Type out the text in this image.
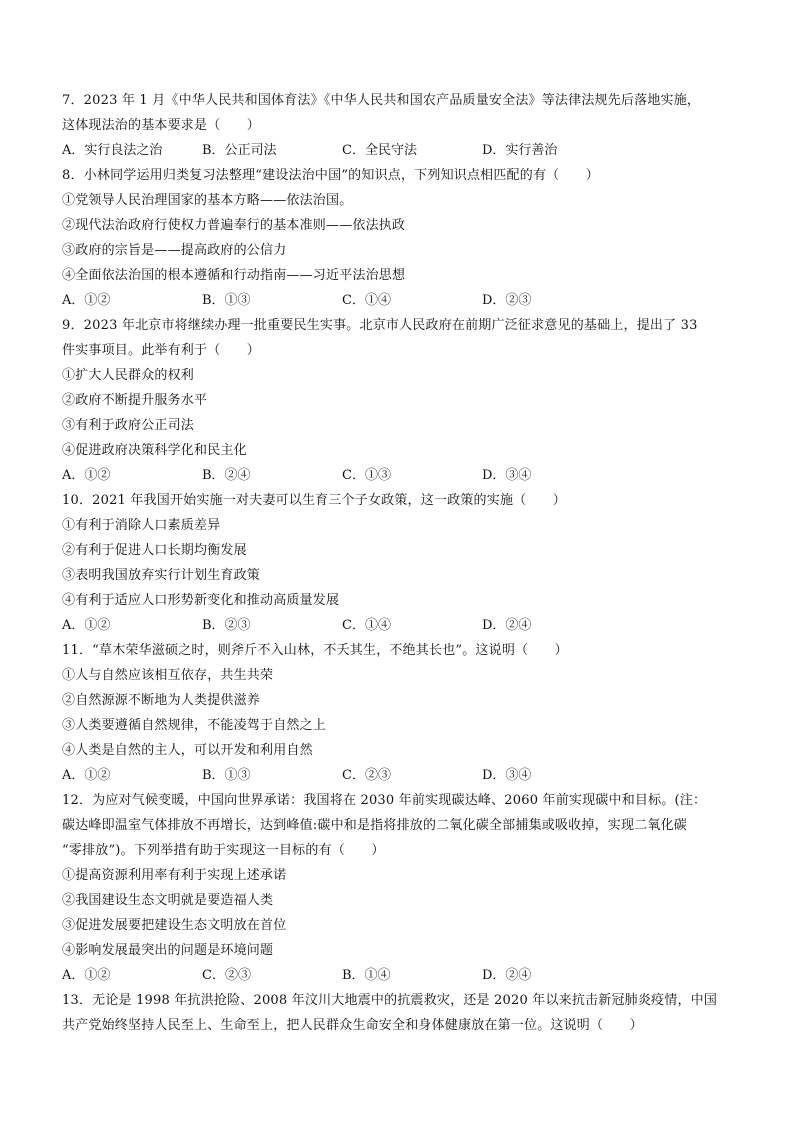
7．2023 年 1 月《中华人民共和国体育法》《中华人民共和国农产品质量安全法》等法律法规先后落地实施，
这体现法治的基本要求是（　　）
A．实行良法之治	B．公正司法	C．全民守法	D．实行善治
8．小林同学运用归类复习法整理“建设法治中国”的知识点，下列知识点相匹配的有（　　）
①党领导人民治理国家的基本方略——依法治国。
②现代法治政府行使权力普遍奉行的基本准则——依法执政
③政府的宗旨是——提高政府的公信力
④全面依法治国的根本遵循和行动指南——习近平法治思想
A．①②	B．①③	C．①④	D．②③
9．2023 年北京市将继续办理一批重要民生实事。北京市人民政府在前期广泛征求意见的基础上，提出了 33
件实事项目。此举有利于（　　）
①扩大人民群众的权利
②政府不断提升服务水平
③有利于政府公正司法
④促进政府决策科学化和民主化
A．①②	B．②④	C．①③	D．③④
10．2021 年我国开始实施一对夫妻可以生育三个子女政策，这一政策的实施（　　）
①有利于消除人口素质差异
②有利于促进人口长期均衡发展
③表明我国放弃实行计划生育政策
④有利于适应人口形势新变化和推动高质量发展
A．①②	B．②③	C．①④	D．②④
11．“草木荣华滋硕之时，则斧斤不入山林，不夭其生，不绝其长也”。这说明（　　）
①人与自然应该相互依存，共生共荣
②自然源源不断地为人类提供滋养
③人类要遵循自然规律，不能凌驾于自然之上
④人类是自然的主人，可以开发和利用自然
A．①②	B．①③	C．②③	D．③④
12．为应对气候变暖，中国向世界承诺：我国将在 2030 年前实现碳达峰、2060 年前实现碳中和目标。(注：
碳达峰即温室气体排放不再增长，达到峰值:碳中和是指将排放的二氧化碳全部捕集或吸收掉，实现二氧化碳
“零排放”)。下列举措有助于实现这一目标的有（　　）
①提高资源利用率有利于实现上述承诺
②我国建设生态文明就是要造福人类
③促进发展要把建设生态文明放在首位
④影响发展最突出的问题是环境问题
A．①②	C．②③	B．①④	D．②④
13．无论是 1998 年抗洪抢险、2008 年汶川大地震中的抗震救灾，还是 2020 年以来抗击新冠肺炎疫情，中国
共产党始终坚持人民至上、生命至上，把人民群众生命安全和身体健康放在第一位。这说明（　　）
